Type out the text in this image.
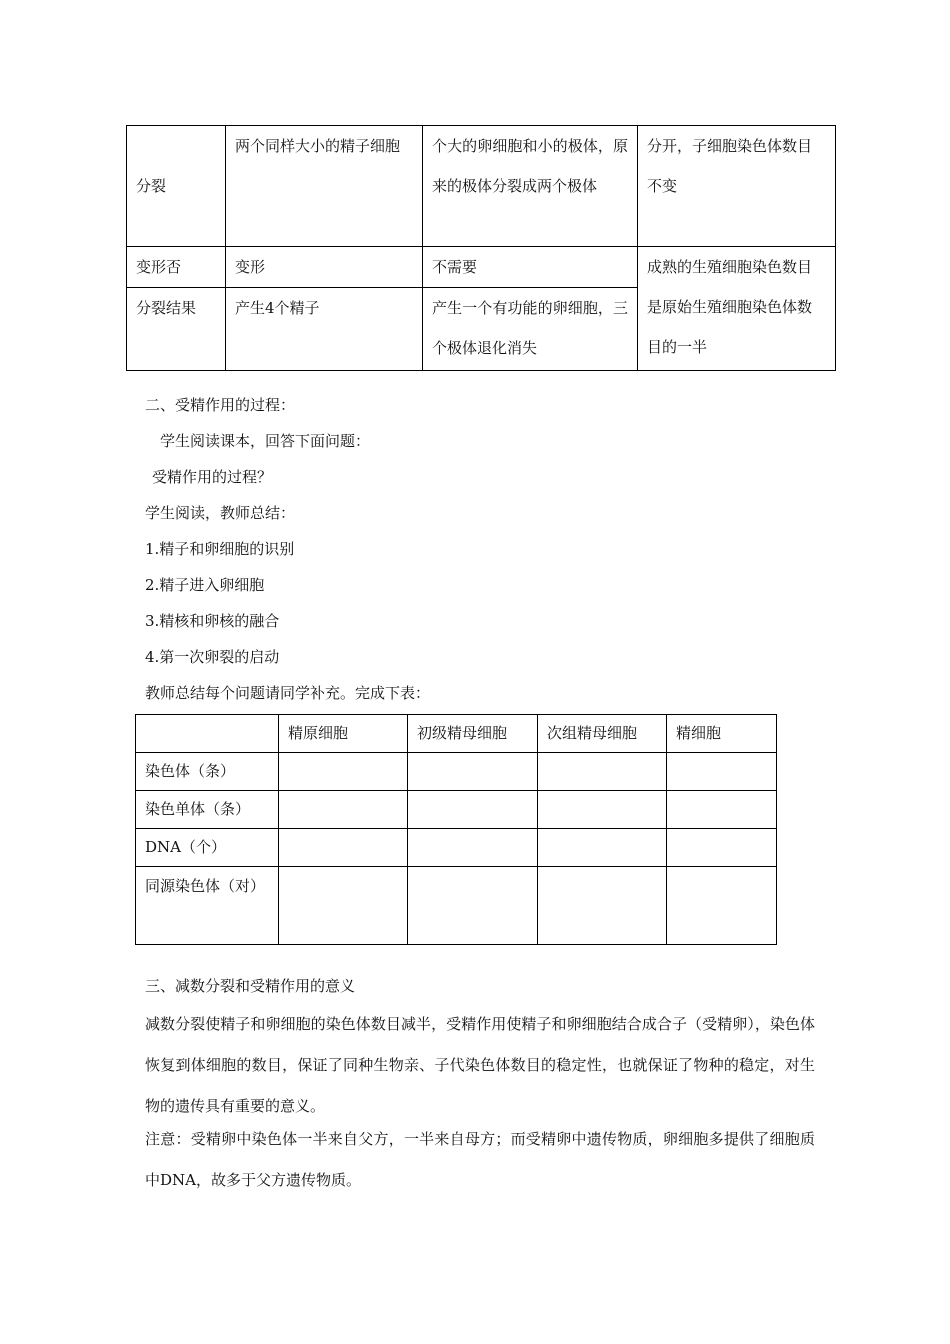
分裂	两个同样大小的精子细胞	个大的卵细胞和小的极体，原来的极体分裂成两个极体	分开，子细胞染色体数目不变
变形否	变形	不需要	成熟的生殖细胞染色数目是原始生殖细胞染色体数目的一半
分裂结果	产生4个精子	产生一个有功能的卵细胞，三个极体退化消失	
二、受精作用的过程：
学生阅读课本，回答下面问题：
受精作用的过程？
学生阅读，教师总结：
1.精子和卵细胞的识别
2.精子进入卵细胞
3.精核和卵核的融合
4.第一次卵裂的启动
教师总结每个问题请同学补充。完成下表：
	精原细胞	初级精母细胞	次组精母细胞	精细胞
染色体（条）				
染色单体（条）				
DNA（个）				
同源染色体（对）				
三、减数分裂和受精作用的意义
减数分裂使精子和卵细胞的染色体数目减半，受精作用使精子和卵细胞结合成合子（受精卵），染色体恢复到体细胞的数目，保证了同种生物亲、子代染色体数目的稳定性，也就保证了物种的稳定，对生物的遗传具有重要的意义。
注意：受精卵中染色体一半来自父方，一半来自母方；而受精卵中遗传物质，卵细胞多提供了细胞质中DNA，故多于父方遗传物质。
